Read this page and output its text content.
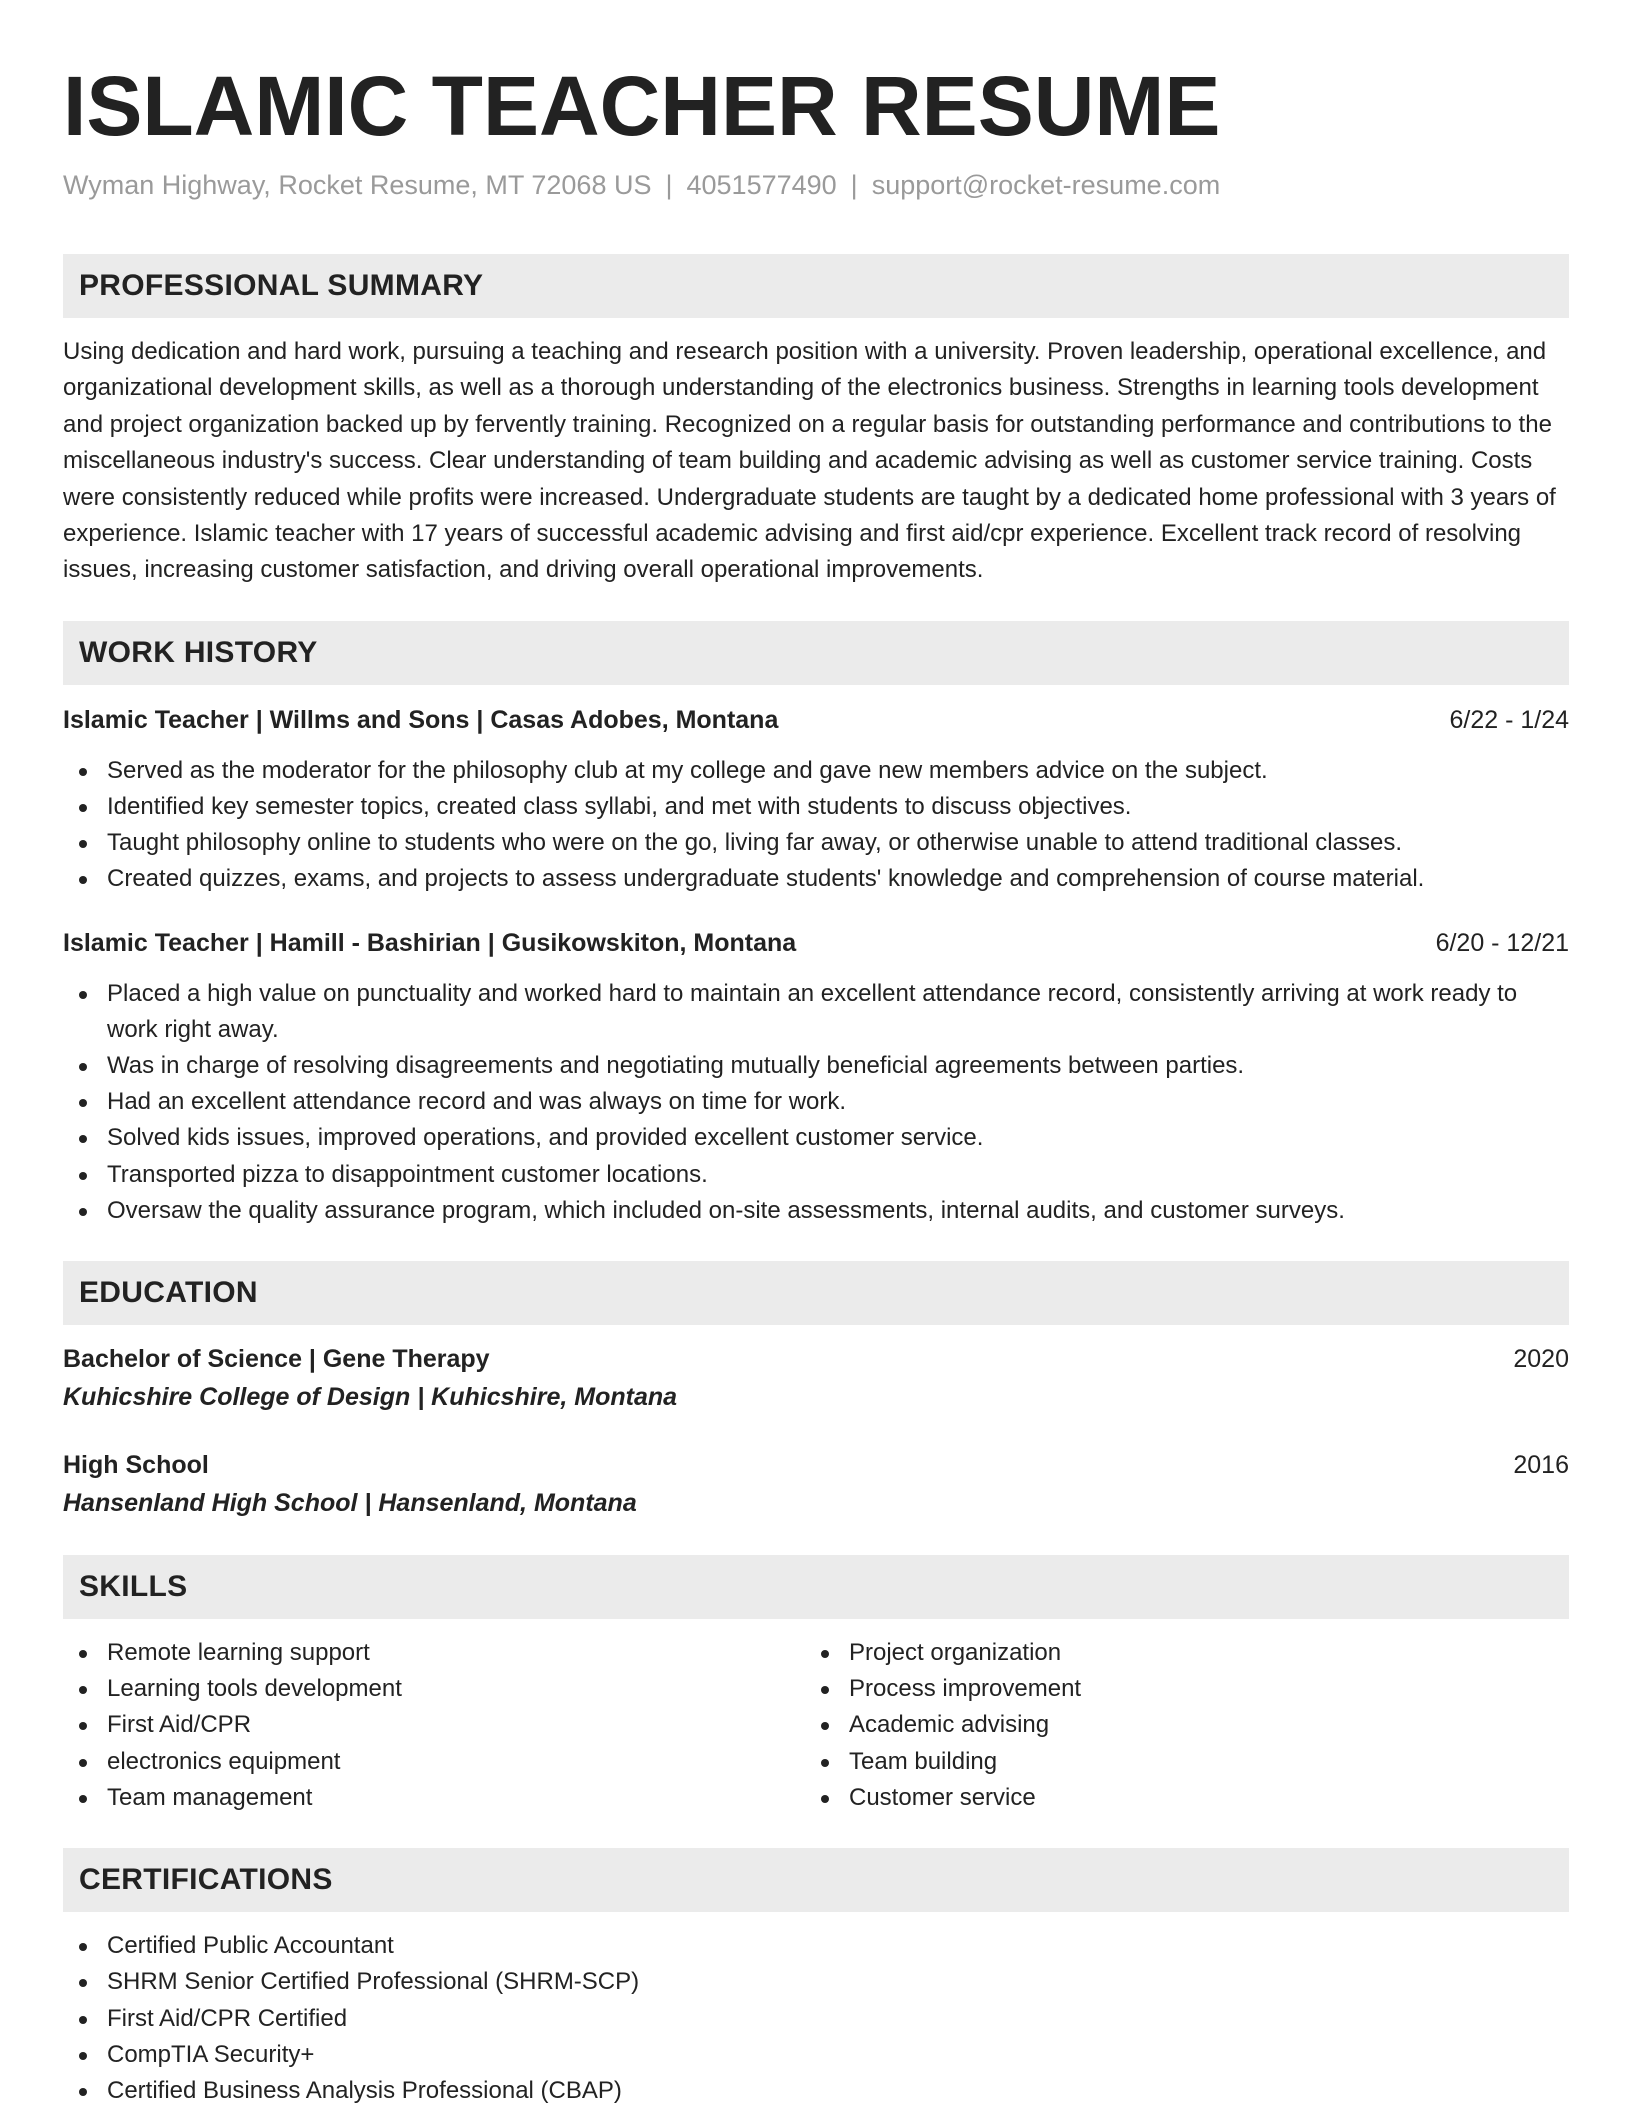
ISLAMIC TEACHER RESUME
Wyman Highway, Rocket Resume, MT 72068 US | 4051577490 | support@rocket-resume.com
PROFESSIONAL SUMMARY

Using dedication and hard work, pursuing a teaching and research position with a university. Proven leadership, operational excellence, and organizational development skills, as well as a thorough understanding of the electronics business. Strengths in learning tools development and project organization backed up by fervently training. Recognized on a regular basis for outstanding performance and contributions to the miscellaneous industry's success. Clear understanding of team building and academic advising as well as customer service training. Costs were consistently reduced while profits were increased. Undergraduate students are taught by a dedicated home professional with 3 years of experience. Islamic teacher with 17 years of successful academic advising and first aid/cpr experience. Excellent track record of resolving issues, increasing customer satisfaction, and driving overall operational improvements.

WORK HISTORY
Islamic Teacher | Willms and Sons | Casas Adobes, Montana	6/22 - 1/24
Served as the moderator for the philosophy club at my college and gave new members advice on the subject.
Identified key semester topics, created class syllabi, and met with students to discuss objectives.
Taught philosophy online to students who were on the go, living far away, or otherwise unable to attend traditional classes.
Created quizzes, exams, and projects to assess undergraduate students' knowledge and comprehension of course material.
Islamic Teacher | Hamill - Bashirian | Gusikowskiton, Montana	6/20 - 12/21
Placed a high value on punctuality and worked hard to maintain an excellent attendance record, consistently arriving at work ready to work right away.
Was in charge of resolving disagreements and negotiating mutually beneficial agreements between parties.
Had an excellent attendance record and was always on time for work.
Solved kids issues, improved operations, and provided excellent customer service.
Transported pizza to disappointment customer locations.
Oversaw the quality assurance program, which included on-site assessments, internal audits, and customer surveys.
EDUCATION
Bachelor of Science | Gene Therapy	2020
Kuhicshire College of Design | Kuhicshire, Montana
High School	2016
Hansenland High School | Hansenland, Montana
SKILLS
Remote learning support
Learning tools development
First Aid/CPR
electronics equipment
Team management
Project organization
Process improvement
Academic advising
Team building
Customer service
CERTIFICATIONS
Certified Public Accountant
SHRM Senior Certified Professional (SHRM-SCP)
First Aid/CPR Certified
CompTIA Security+
Certified Business Analysis Professional (CBAP)
